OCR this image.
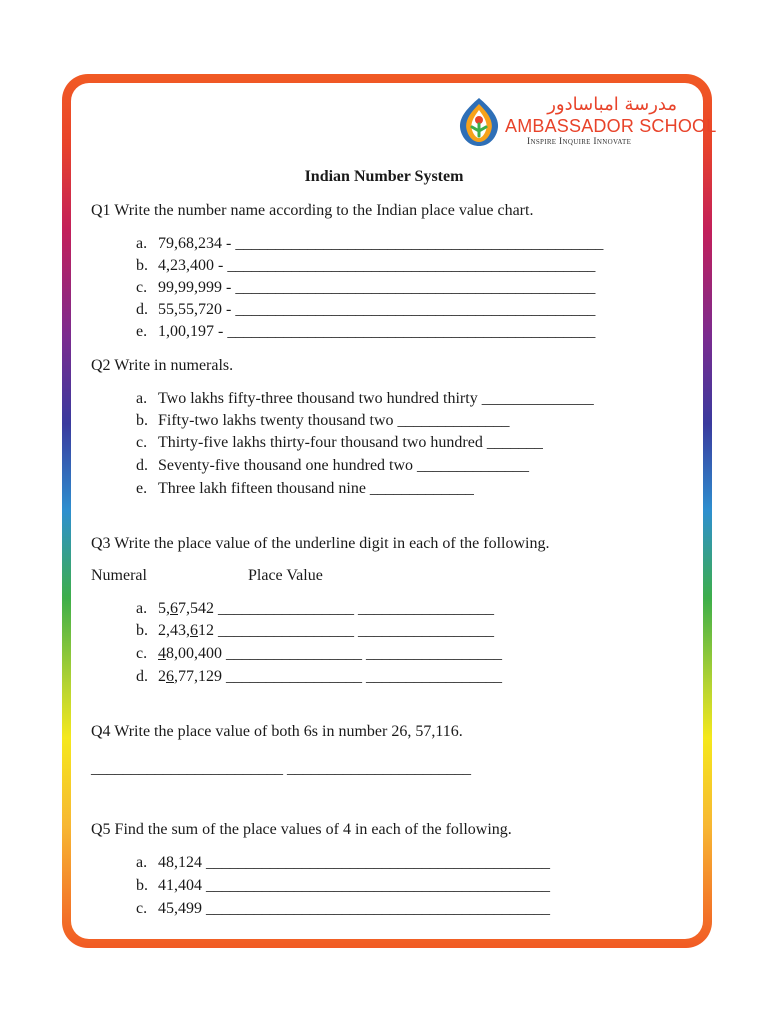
مدرسة امباسادور
AMBASSADOR SCHOOL
Inspire Inquire Innovate
Indian Number System
Q1 Write the number name according to the Indian place value chart.
a. 79,68,234 - ______________________________________________
b. 4,23,400 - ______________________________________________
c. 99,99,999 - _____________________________________________
d. 55,55,720 - _____________________________________________
e. 1,00,197 - ______________________________________________
Q2 Write in numerals.
a. Two lakhs fifty-three thousand two hundred thirty ______________
b. Fifty-two lakhs twenty thousand two ______________
c. Thirty-five lakhs thirty-four thousand two hundred _______
d. Seventy-five thousand one hundred two ______________
e. Three lakh fifteen thousand nine _____________
Q3 Write the place value of the underline digit in each of the following.
Numeral	Place Value
a. 5,67,542 _________________ _________________
b. 2,43,612 _________________ _________________
c. 48,00,400 _________________ _________________
d. 26,77,129 _________________ _________________
Q4 Write the place value of both 6s in number 26, 57,116.
________________________ _______________________
Q5 Find the sum of the place values of 4 in each of the following.
a. 48,124 ___________________________________________
b. 41,404 ___________________________________________
c. 45,499 ___________________________________________
